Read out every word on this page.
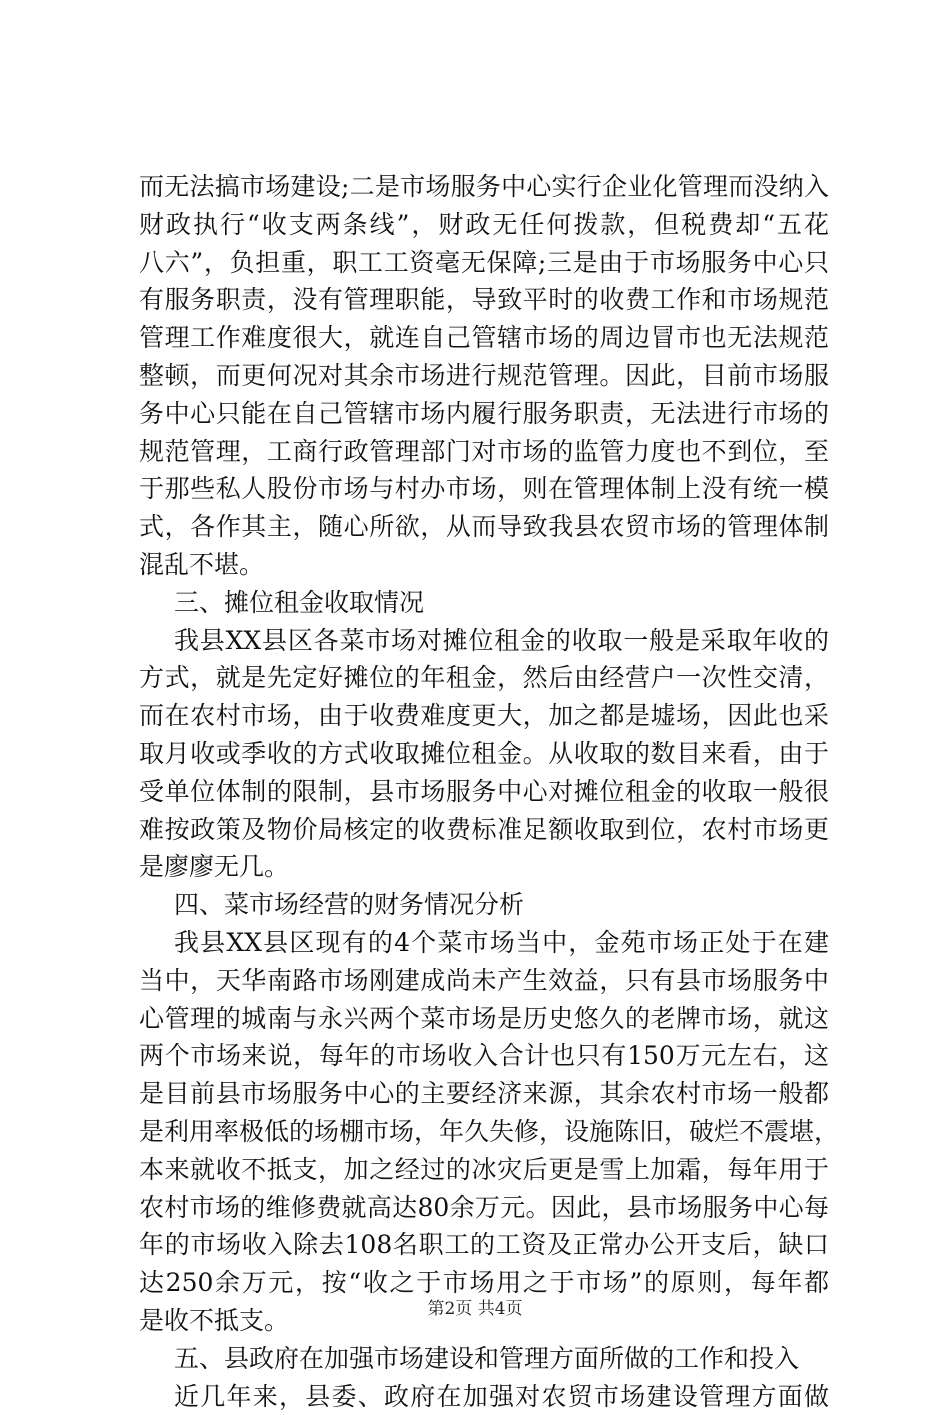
而无法搞市场建设;二是市场服务中心实行企业化管理而没纳入
财政执行“收支两条线”，财政无任何拨款，但税费却“五花
八六”，负担重，职工工资毫无保障;三是由于市场服务中心只
有服务职责，没有管理职能，导致平时的收费工作和市场规范
管理工作难度很大，就连自己管辖市场的周边冒市也无法规范
整顿，而更何况对其余市场进行规范管理。因此，目前市场服
务中心只能在自己管辖市场内履行服务职责，无法进行市场的
规范管理，工商行政管理部门对市场的监管力度也不到位，至
于那些私人股份市场与村办市场，则在管理体制上没有统一模
式，各作其主，随心所欲，从而导致我县农贸市场的管理体制
混乱不堪。
三、摊位租金收取情况
我县XX县区各菜市场对摊位租金的收取一般是采取年收的
方式，就是先定好摊位的年租金，然后由经营户一次性交清，
而在农村市场，由于收费难度更大，加之都是墟场，因此也采
取月收或季收的方式收取摊位租金。从收取的数目来看，由于
受单位体制的限制，县市场服务中心对摊位租金的收取一般很
难按政策及物价局核定的收费标准足额收取到位，农村市场更
是廖廖无几。
四、菜市场经营的财务情况分析
我县XX县区现有的4个菜市场当中，金苑市场正处于在建
当中，天华南路市场刚建成尚未产生效益，只有县市场服务中
心管理的城南与永兴两个菜市场是历史悠久的老牌市场，就这
两个市场来说，每年的市场收入合计也只有150万元左右，这
是目前县市场服务中心的主要经济来源，其余农村市场一般都
是利用率极低的场棚市场，年久失修，设施陈旧，破烂不震堪，
本来就收不抵支，加之经过的冰灾后更是雪上加霜，每年用于
农村市场的维修费就高达80余万元。因此，县市场服务中心每
年的市场收入除去108名职工的工资及正常办公开支后，缺口
达250余万元，按“收之于市场用之于市场”的原则，每年都
是收不抵支。
五、县政府在加强市场建设和管理方面所做的工作和投入
近几年来，县委、政府在加强对农贸市场建设管理方面做
第2页 共4页
